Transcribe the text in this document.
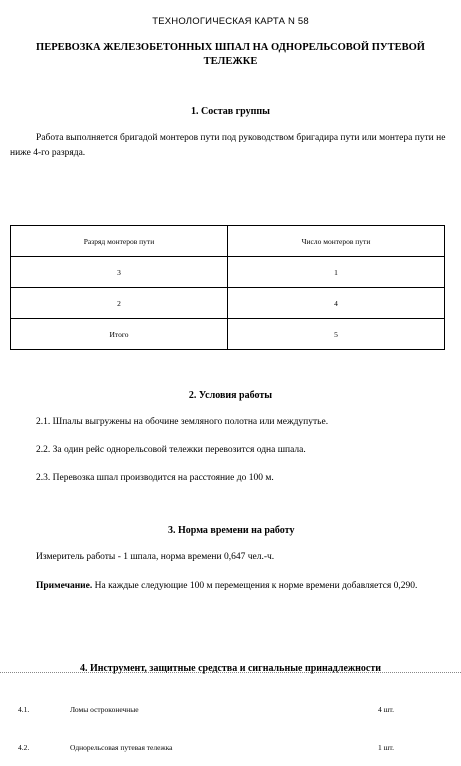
ТЕХНОЛОГИЧЕСКАЯ КАРТА N 58
ПЕРЕВОЗКА ЖЕЛЕЗОБЕТОННЫХ ШПАЛ НА ОДНОРЕЛЬСОВОЙ ПУТЕВОЙ ТЕЛЕЖКЕ
1. Состав группы
Работа выполняется бригадой монтеров пути под руководством бригадира пути или монтера пути не ниже 4-го разряда.
Разряд монтеров пути	Число монтеров пути
3	1
2	4
Итого	5
2. Условия работы
2.1. Шпалы выгружены на обочине земляного полотна или междупутье.
2.2. За один рейс однорельсовой тележки перевозится одна шпала.
2.3. Перевозка шпал производится на расстояние до 100 м.
3. Норма времени на работу
Измеритель работы - 1 шпала, норма времени 0,647 чел.-ч.
Примечание. На каждые следующие 100 м перемещения к норме времени добавляется 0,290.
4. Инструмент, защитные средства и сигнальные принадлежности
4.1.	Ломы остроконечные	4 шт.
4.2.	Однорельсовая путевая тележка	1 шт.
